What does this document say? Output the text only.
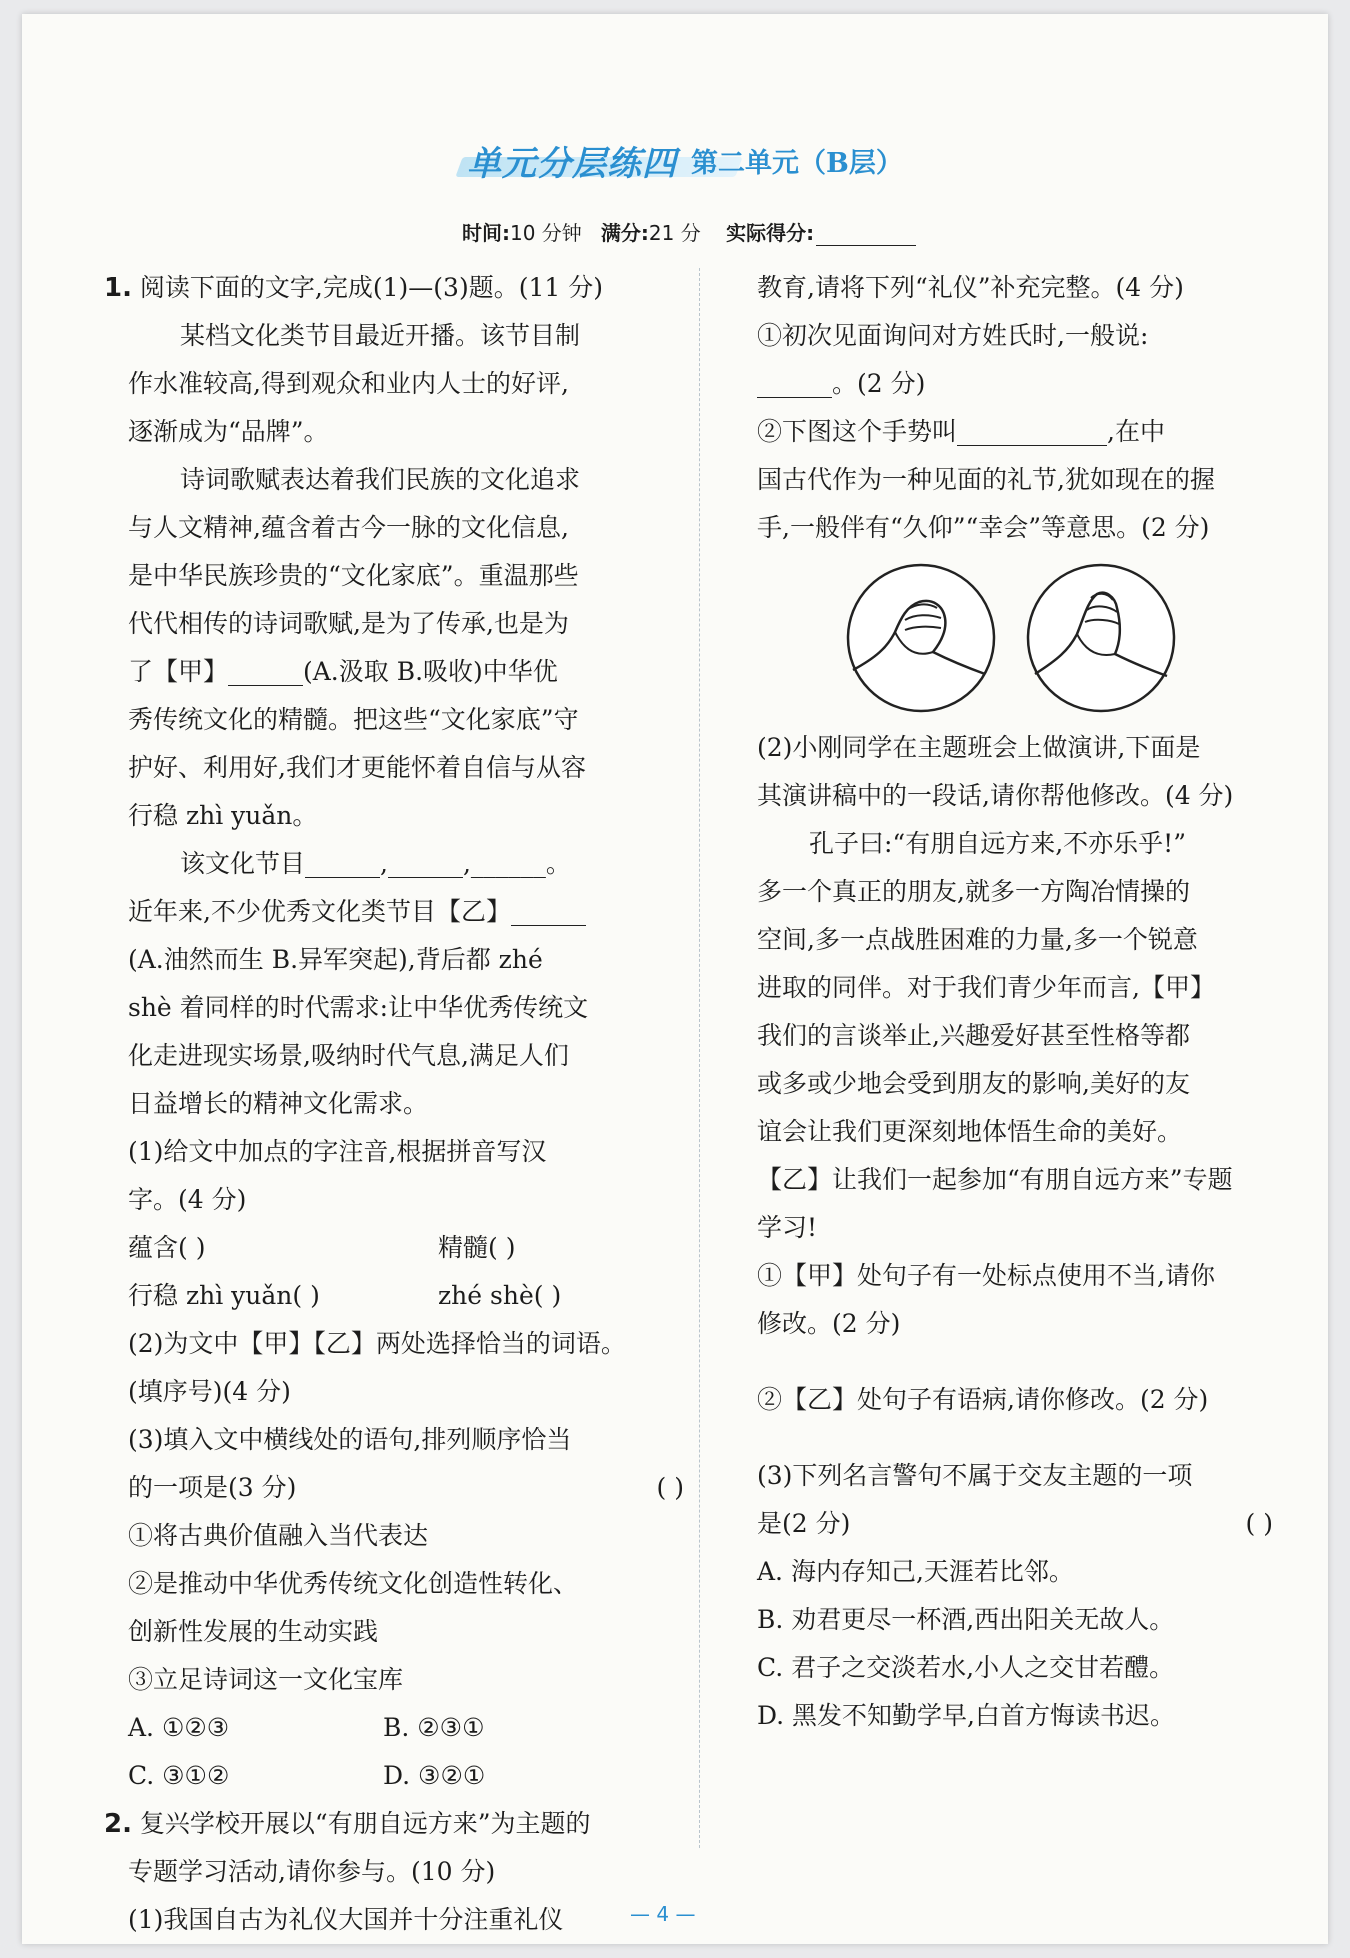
单元分层练四 第二单元（B层）
时间:10 分钟 满分:21 分 实际得分:
1. 阅读下面的文字,完成(1)—(3)题。(11 分)
某档文化类节目最近开播。该节目制
作水准较高,得到观众和业内人士的好评,
逐渐成为“品牌”。
诗词歌赋表达着我们民族的文化追求
与人文精神,蕴含着古今一脉的文化信息,
是中华民族珍贵的“文化家底”。重温那些
代代相传的诗词歌赋,是为了传承,也是为
了【甲】______(A.汲取 B.吸收)中华优
秀传统文化的精髓。把这些“文化家底”守
护好、利用好,我们才更能怀着自信与从容
行稳 zhì yuǎn。
该文化节目______,______,______。
近年来,不少优秀文化类节目【乙】______
(A.油然而生 B.异军突起),背后都 zhé
shè 着同样的时代需求:让中华优秀传统文
化走进现实场景,吸纳时代气息,满足人们
日益增长的精神文化需求。
(1)给文中加点的字注音,根据拼音写汉
字。(4 分)
蕴含( )	精髓( )
行稳 zhì yuǎn( )	zhé shè( )
(2)为文中【甲】【乙】两处选择恰当的词语。
(填序号)(4 分)
(3)填入文中横线处的语句,排列顺序恰当
的一项是(3 分)	( )
①将古典价值融入当代表达
②是推动中华优秀传统文化创造性转化、
创新性发展的生动实践
③立足诗词这一文化宝库
A. ①②③	B. ②③①
C. ③①②	D. ③②①
2. 复兴学校开展以“有朋自远方来”为主题的
专题学习活动,请你参与。(10 分)
(1)我国自古为礼仪大国并十分注重礼仪
教育,请将下列“礼仪”补充完整。(4 分)
①初次见面询问对方姓氏时,一般说:
______。(2 分)
②下图这个手势叫____________,在中
国古代作为一种见面的礼节,犹如现在的握
手,一般伴有“久仰”“幸会”等意思。(2 分)
(2)小刚同学在主题班会上做演讲,下面是
其演讲稿中的一段话,请你帮他修改。(4 分)
孔子曰:“有朋自远方来,不亦乐乎!”
多一个真正的朋友,就多一方陶冶情操的
空间,多一点战胜困难的力量,多一个锐意
进取的同伴。对于我们青少年而言,【甲】
我们的言谈举止,兴趣爱好甚至性格等都
或多或少地会受到朋友的影响,美好的友
谊会让我们更深刻地体悟生命的美好。
【乙】让我们一起参加“有朋自远方来”专题
学习!
①【甲】处句子有一处标点使用不当,请你
修改。(2 分)
②【乙】处句子有语病,请你修改。(2 分)
(3)下列名言警句不属于交友主题的一项
是(2 分)	( )
A. 海内存知己,天涯若比邻。
B. 劝君更尽一杯酒,西出阳关无故人。
C. 君子之交淡若水,小人之交甘若醴。
D. 黑发不知勤学早,白首方悔读书迟。
— 4 —
